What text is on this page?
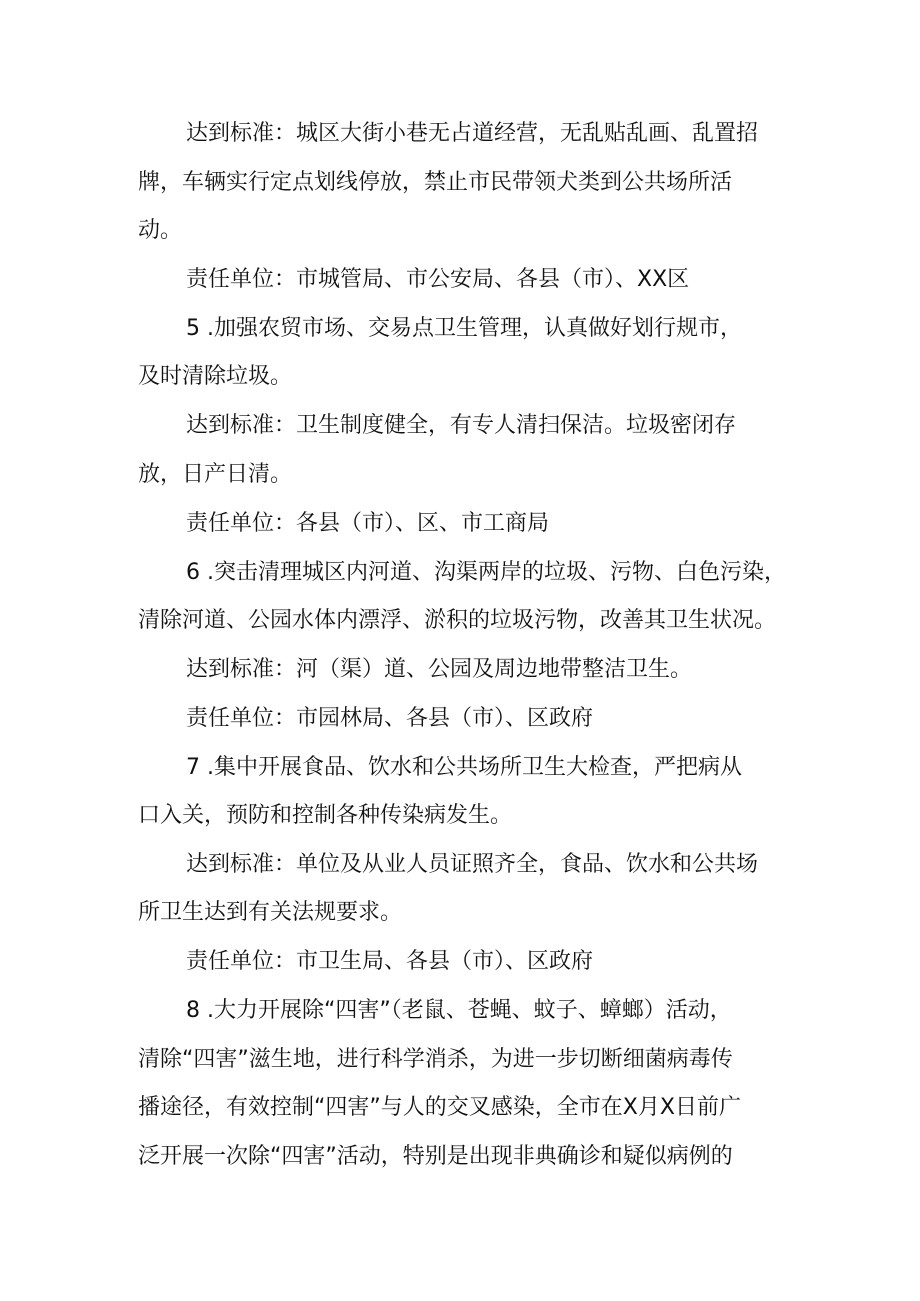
达到标准：城区大街小巷无占道经营，无乱贴乱画、乱置招
牌，车辆实行定点划线停放，禁止市民带领犬类到公共场所活
动。
责任单位：市城管局、市公安局、各县（市）、XX区
5 .加强农贸市场、交易点卫生管理，认真做好划行规市，
及时清除垃圾。
达到标准：卫生制度健全，有专人清扫保洁。垃圾密闭存
放，日产日清。
责任单位：各县（市）、区、市工商局
6 .突击清理城区内河道、沟渠两岸的垃圾、污物、白色污染，
清除河道、公园水体内漂浮、淤积的垃圾污物，改善其卫生状况。
达到标准：河（渠）道、公园及周边地带整洁卫生。
责任单位：市园林局、各县（市）、区政府
7 .集中开展食品、饮水和公共场所卫生大检查，严把病从
口入关，预防和控制各种传染病发生。
达到标准：单位及从业人员证照齐全，食品、饮水和公共场
所卫生达到有关法规要求。
责任单位：市卫生局、各县（市）、区政府
8 .大力开展除“四害”（老鼠、苍蝇、蚊子、蟑螂）活动，
清除“四害”滋生地，进行科学消杀，为进一步切断细菌病毒传
播途径，有效控制“四害”与人的交叉感染，全市在X月X日前广
泛开展一次除“四害”活动，特别是出现非典确诊和疑似病例的
